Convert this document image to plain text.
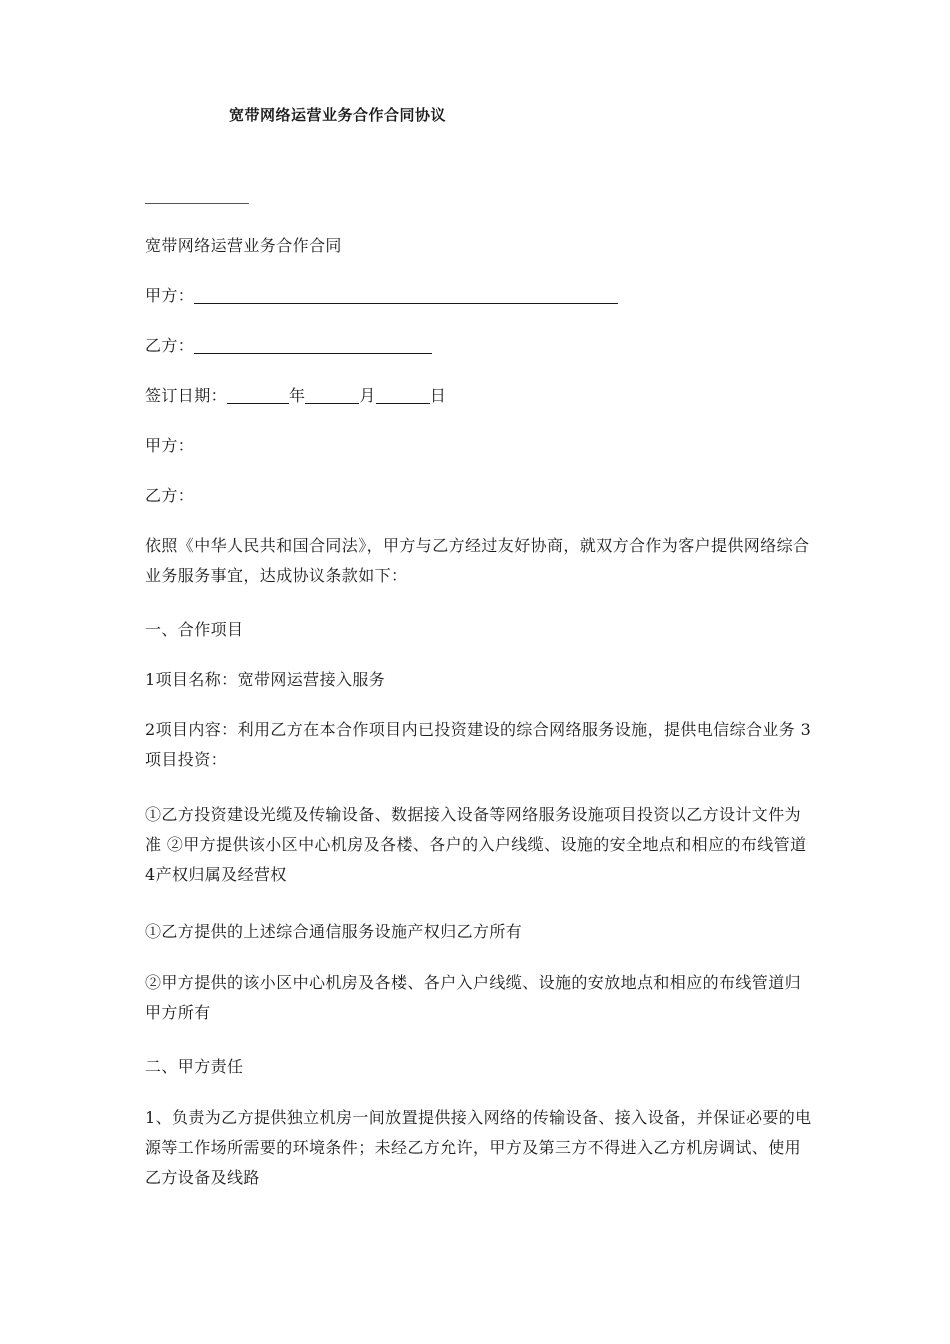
宽带网络运营业务合作合同协议
宽带网络运营业务合作合同
甲方：
乙方：
签订日期：	年	月	日
甲方：
乙方：
依照《中华人民共和国合同法》，甲方与乙方经过友好协商，就双方合作为客户提供网络综合业务服务事宜，达成协议条款如下：
一、合作项目
1项目名称：宽带网运营接入服务
2项目内容：利用乙方在本合作项目内已投资建设的综合网络服务设施，提供电信综合业务 3项目投资：
①乙方投资建设光缆及传输设备、数据接入设备等网络服务设施项目投资以乙方设计文件为准 ②甲方提供该小区中心机房及各楼、各户的入户线缆、设施的安全地点和相应的布线管道 4产权归属及经营权
①乙方提供的上述综合通信服务设施产权归乙方所有
②甲方提供的该小区中心机房及各楼、各户入户线缆、设施的安放地点和相应的布线管道归甲方所有
二、甲方责任
1、负责为乙方提供独立机房一间放置提供接入网络的传输设备、接入设备，并保证必要的电源等工作场所需要的环境条件；未经乙方允许，甲方及第三方不得进入乙方机房调试、使用乙方设备及线路
